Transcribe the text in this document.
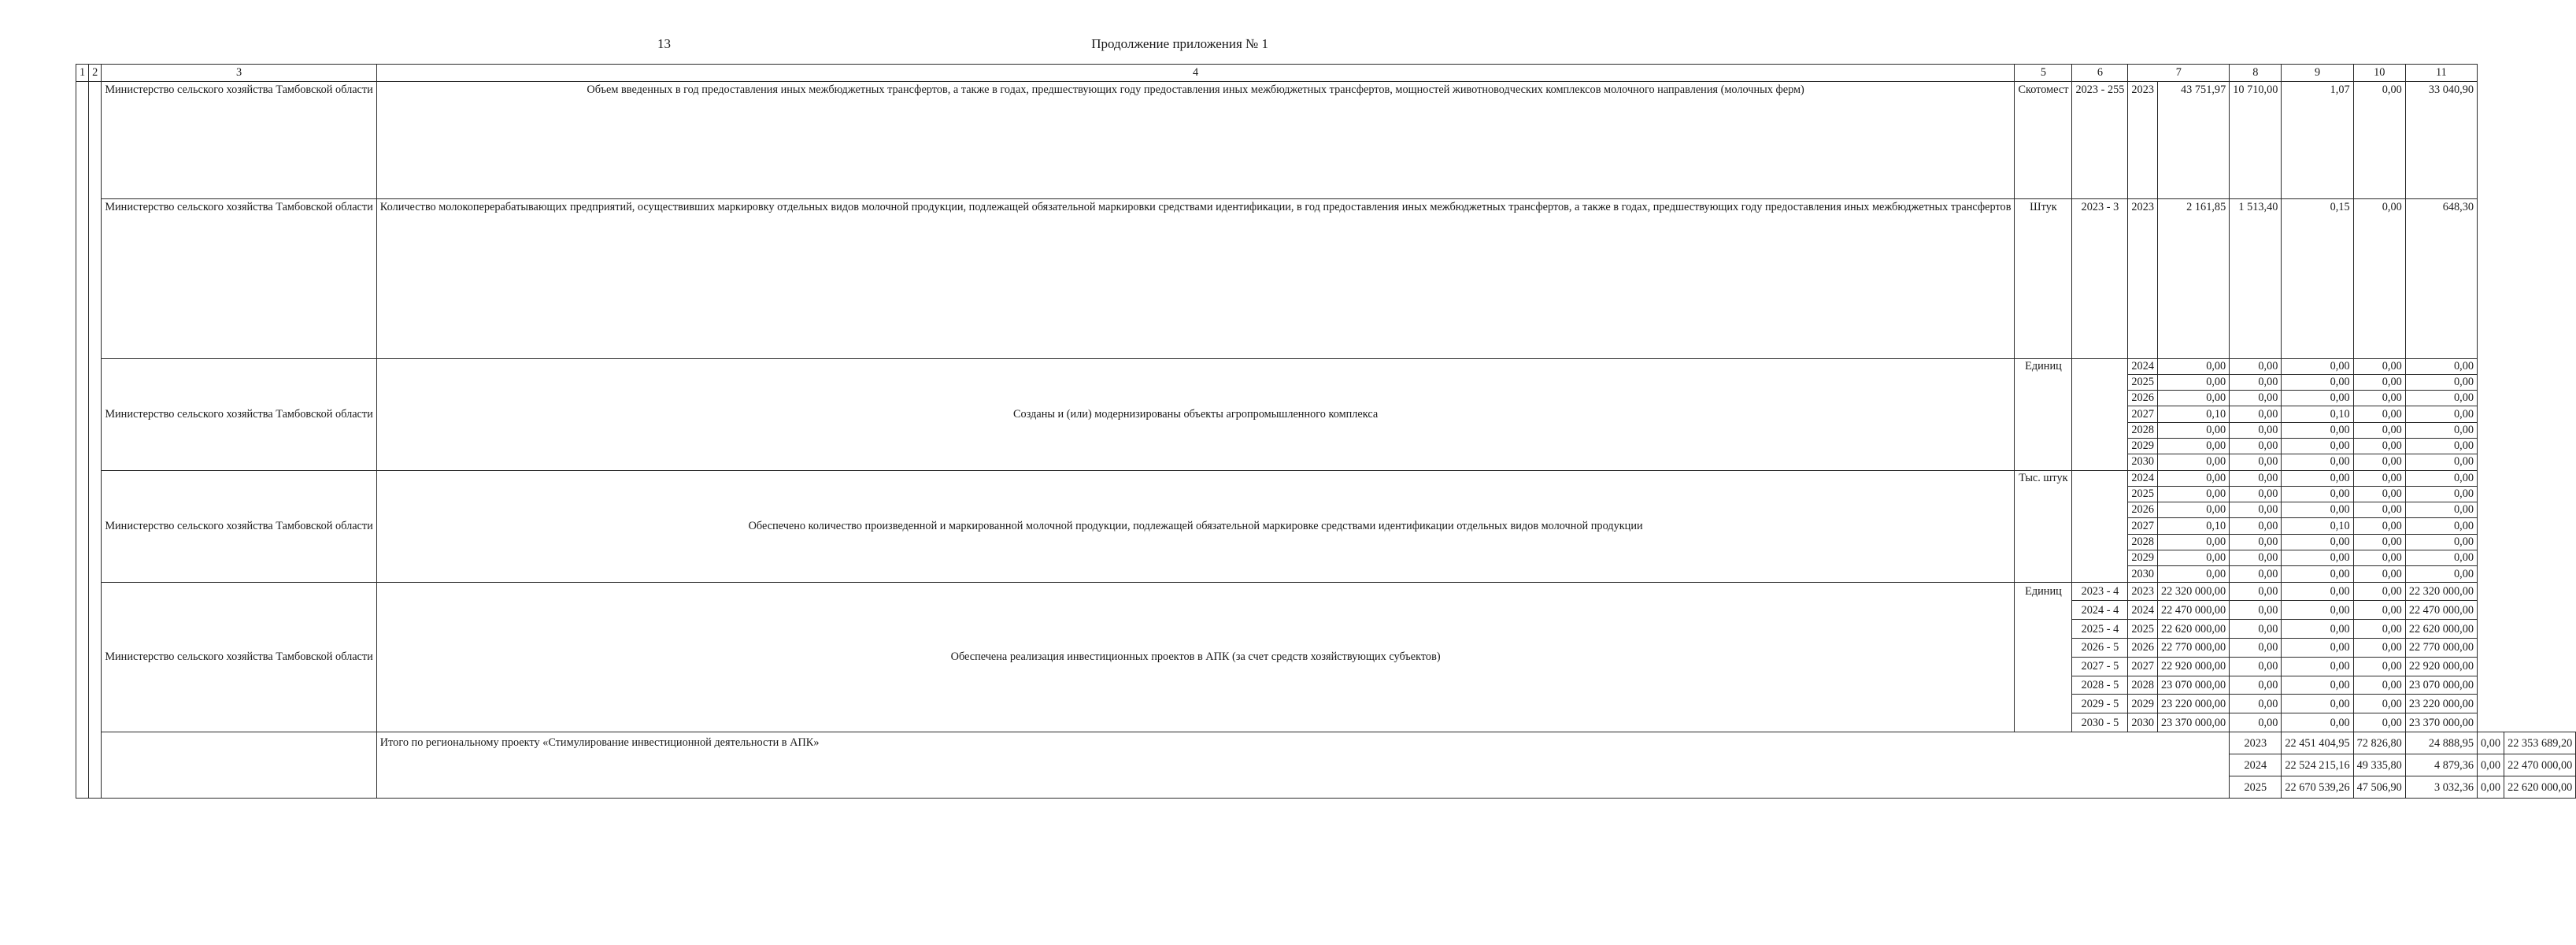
13	Продолжение приложения № 1
1	2	3	4	5	6	7		8	9	10	11		
		Министерство сельского хозяйства Тамбовской области	Объем введенных в год предоставления иных межбюджетных трансфертов, а также в годах, предшествующих году предоставления иных межбюджетных трансфертов, мощностей животноводческих комплексов молочного направления (молочных ферм)	Скотомест	2023 - 255	2023	43 751,97	10 710,00	1,07	0,00	33 040,90		
		Министерство сельского хозяйства Тамбовской области	Количество молокоперерабатывающих предприятий, осуществивших маркировку отдельных видов молочной продукции, подлежащей обязательной маркировки средствами идентификации, в год предоставления иных межбюджетных трансфертов, а также в годах, предшествующих году предоставления иных межбюджетных трансфертов	Штук	2023 - 3	2023	2 161,85	1 513,40	0,15	0,00	648,30		
		Министерство сельского хозяйства Тамбовской области	Созданы и (или) модернизированы объекты агропромышленного комплекса	Единиц		2024	0,00	0,00	0,00	0,00	0,00		
						2025	0,00	0,00	0,00	0,00	0,00		
						2026	0,00	0,00	0,00	0,00	0,00		
						2027	0,10	0,00	0,10	0,00	0,00		
						2028	0,00	0,00	0,00	0,00	0,00		
						2029	0,00	0,00	0,00	0,00	0,00		
						2030	0,00	0,00	0,00	0,00	0,00		
		Министерство сельского хозяйства Тамбовской области	Обеспечено количество произведенной и маркированной молочной продукции, подлежащей обязательной маркировке средствами идентификации отдельных видов молочной продукции	Тыс. штук		2024	0,00	0,00	0,00	0,00	0,00		
						2025	0,00	0,00	0,00	0,00	0,00		
						2026	0,00	0,00	0,00	0,00	0,00		
						2027	0,10	0,00	0,10	0,00	0,00		
						2028	0,00	0,00	0,00	0,00	0,00		
						2029	0,00	0,00	0,00	0,00	0,00		
						2030	0,00	0,00	0,00	0,00	0,00		
		Министерство сельского хозяйства Тамбовской области	Обеспечена реализация инвестиционных проектов в АПК (за счет средств хозяйствующих субъектов)	Единиц	2023 - 4	2023	22 320 000,00	0,00	0,00	0,00	22 320 000,00		
					2024 - 4	2024	22 470 000,00	0,00	0,00	0,00	22 470 000,00		
					2025 - 4	2025	22 620 000,00	0,00	0,00	0,00	22 620 000,00		
					2026 - 5	2026	22 770 000,00	0,00	0,00	0,00	22 770 000,00		
					2027 - 5	2027	22 920 000,00	0,00	0,00	0,00	22 920 000,00		
					2028 - 5	2028	23 070 000,00	0,00	0,00	0,00	23 070 000,00		
					2029 - 5	2029	23 220 000,00	0,00	0,00	0,00	23 220 000,00		
					2030 - 5	2030	23 370 000,00	0,00	0,00	0,00	23 370 000,00		
			Итого по региональному проекту «Стимулирование инвестиционной деятельности в АПК»					2023	22 451 404,95	72 826,80	24 888,95	0,00	22 353 689,20
								2024	22 524 215,16	49 335,80	4 879,36	0,00	22 470 000,00
								2025	22 670 539,26	47 506,90	3 032,36	0,00	22 620 000,00
